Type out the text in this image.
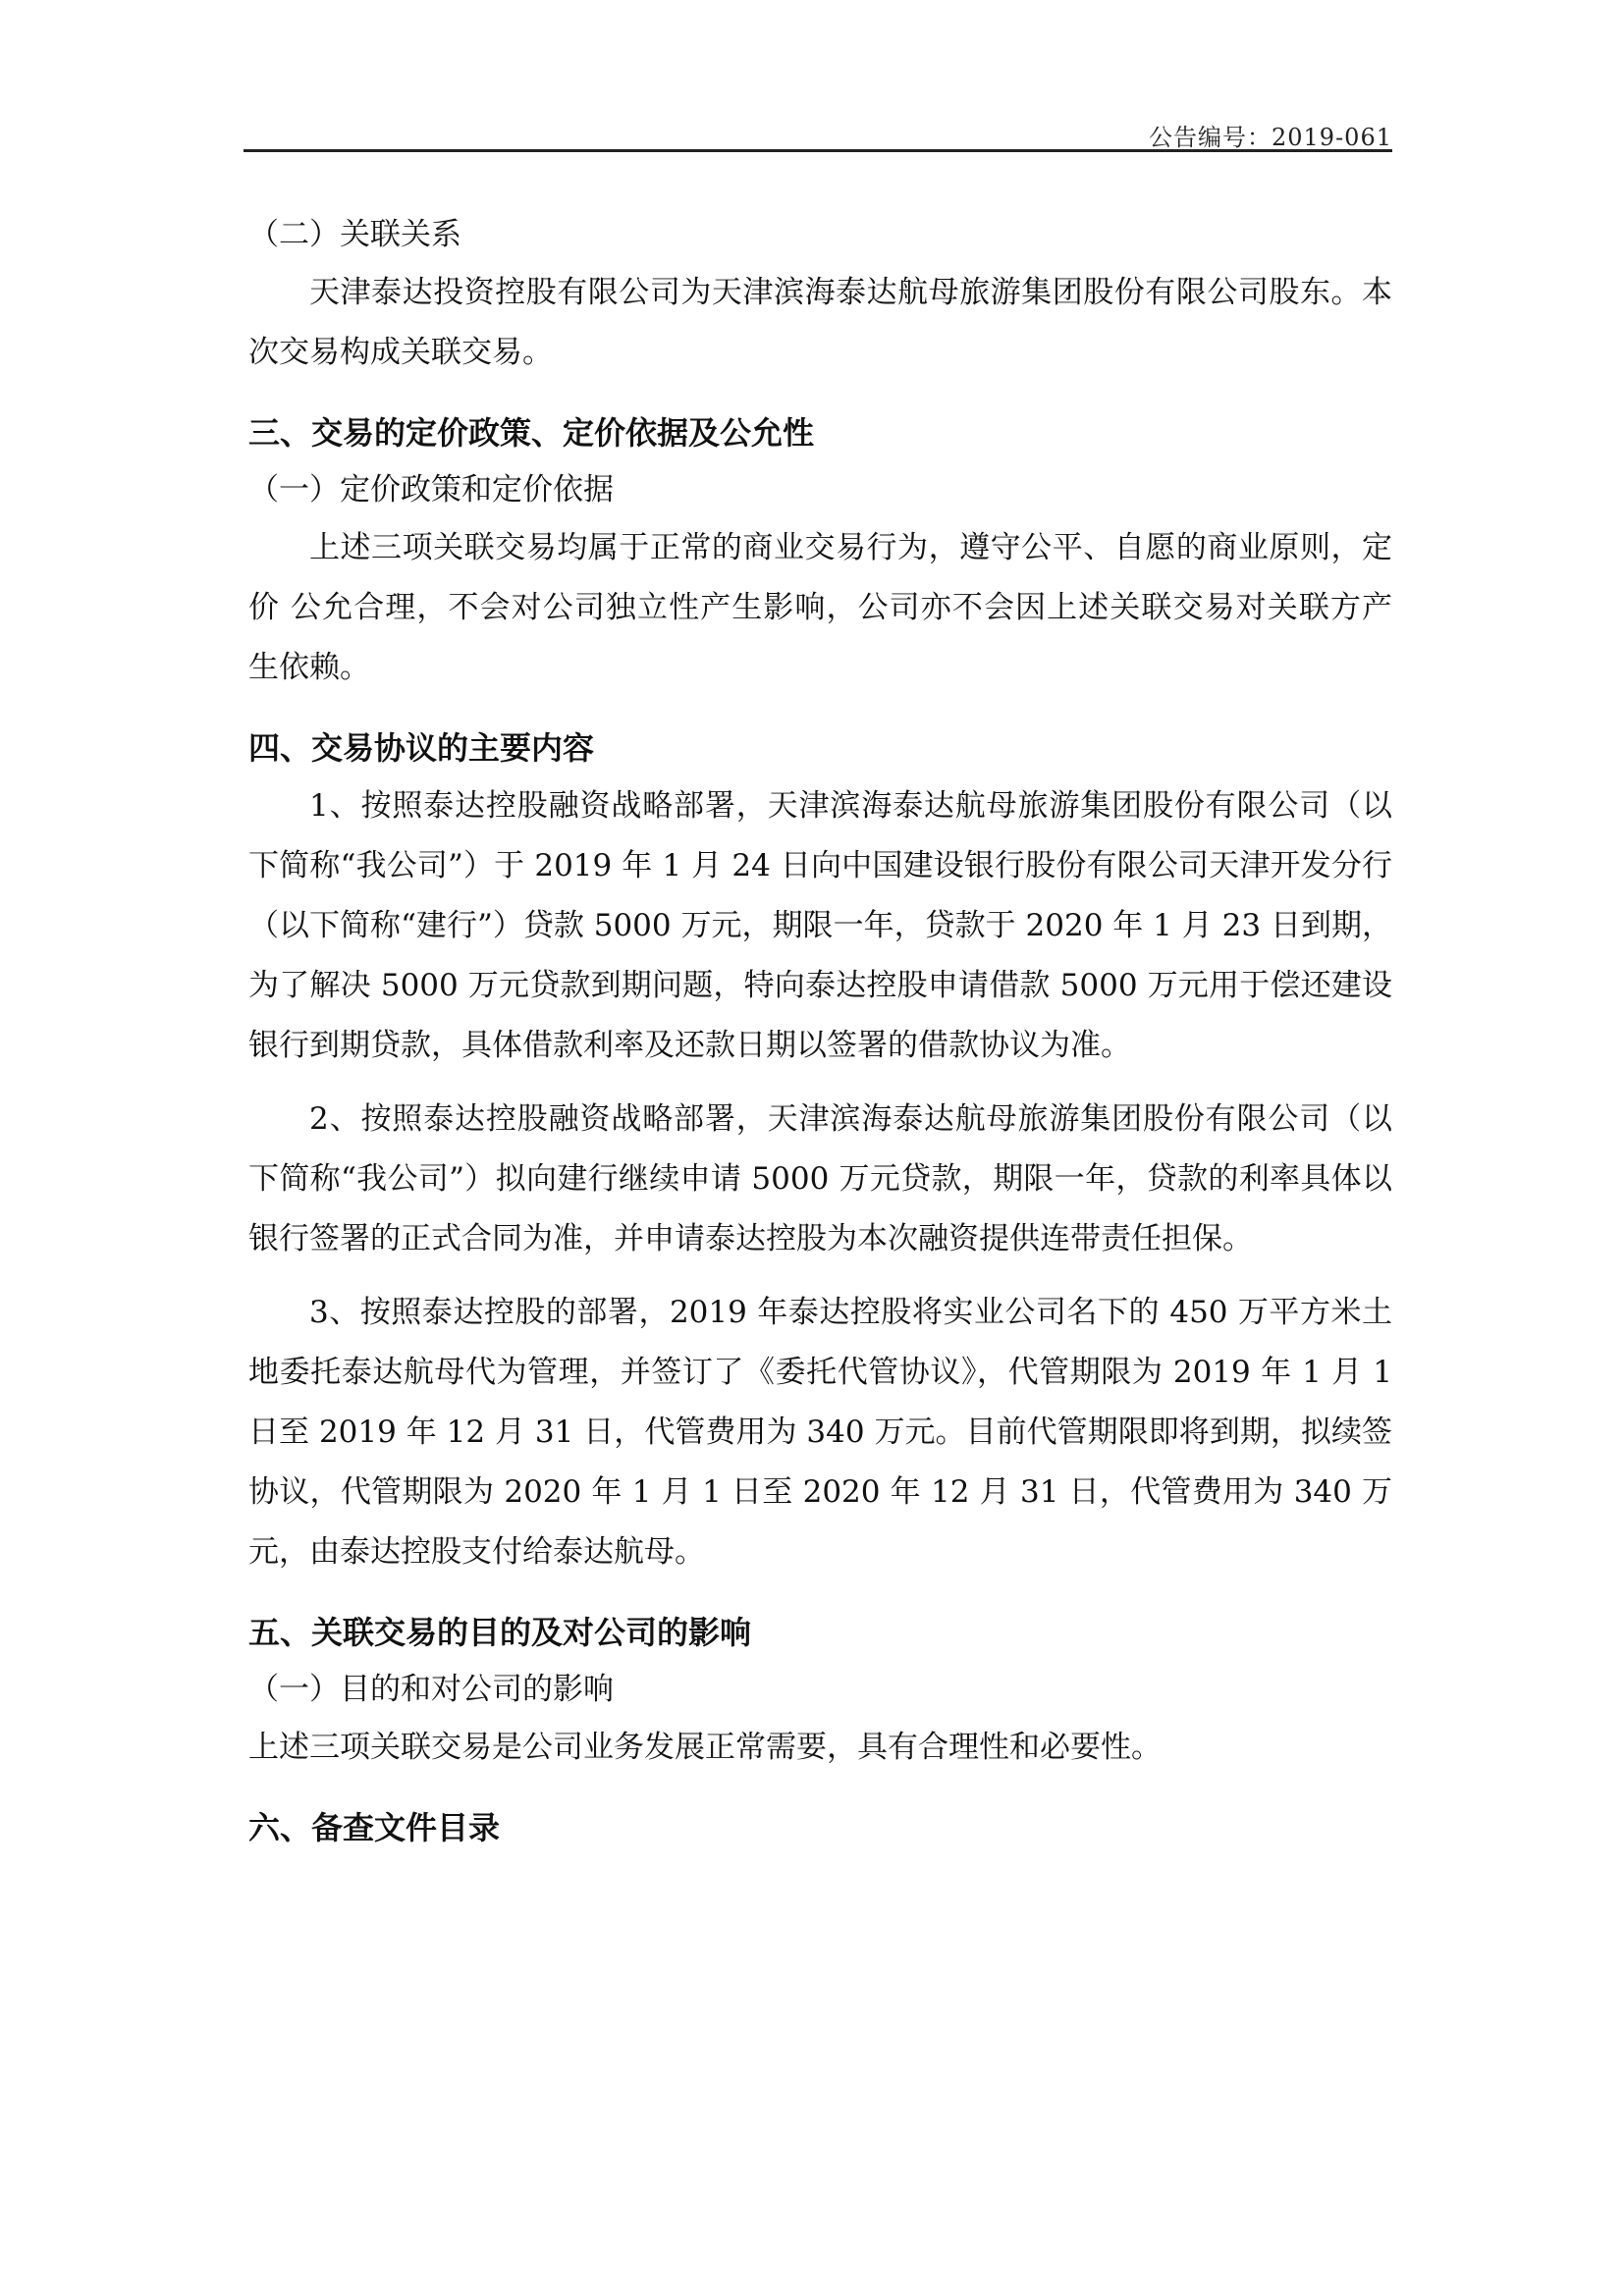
公告编号：2019-061

（二）关联关系

天津泰达投资控股有限公司为天津滨海泰达航母旅游集团股份有限公司股东。本次交易构成关联交易。

三、交易的定价政策、定价依据及公允性

（一）定价政策和定价依据

上述三项关联交易均属于正常的商业交易行为，遵守公平、自愿的商业原则，定价 公允合理，不会对公司独立性产生影响，公司亦不会因上述关联交易对关联方产 生依赖。

四、交易协议的主要内容

1、按照泰达控股融资战略部署，天津滨海泰达航母旅游集团股份有限公司（以下简称“我公司”）于 2019 年 1 月 24 日向中国建设银行股份有限公司天津开发分行（以下简称“建行”）贷款 5000 万元，期限一年，贷款于 2020 年 1 月 23 日到期，为了解决 5000 万元贷款到期问题，特向泰达控股申请借款 5000 万元用于偿还建设银行到期贷款，具体借款利率及还款日期以签署的借款协议为准。

2、按照泰达控股融资战略部署，天津滨海泰达航母旅游集团股份有限公司（以下简称“我公司”）拟向建行继续申请 5000 万元贷款，期限一年，贷款的利率具体以银行签署的正式合同为准，并申请泰达控股为本次融资提供连带责任担保。

3、按照泰达控股的部署，2019 年泰达控股将实业公司名下的 450 万平方米土地委托泰达航母代为管理，并签订了《委托代管协议》，代管期限为 2019 年 1 月 1 日至 2019 年 12 月 31 日，代管费用为 340 万元。目前代管期限即将到期，拟续签协议，代管期限为 2020 年 1 月 1 日至 2020 年 12 月 31 日，代管费用为 340 万元，由泰达控股支付给泰达航母。

五、关联交易的目的及对公司的影响

（一）目的和对公司的影响

上述三项关联交易是公司业务发展正常需要，具有合理性和必要性。

六、备查文件目录
